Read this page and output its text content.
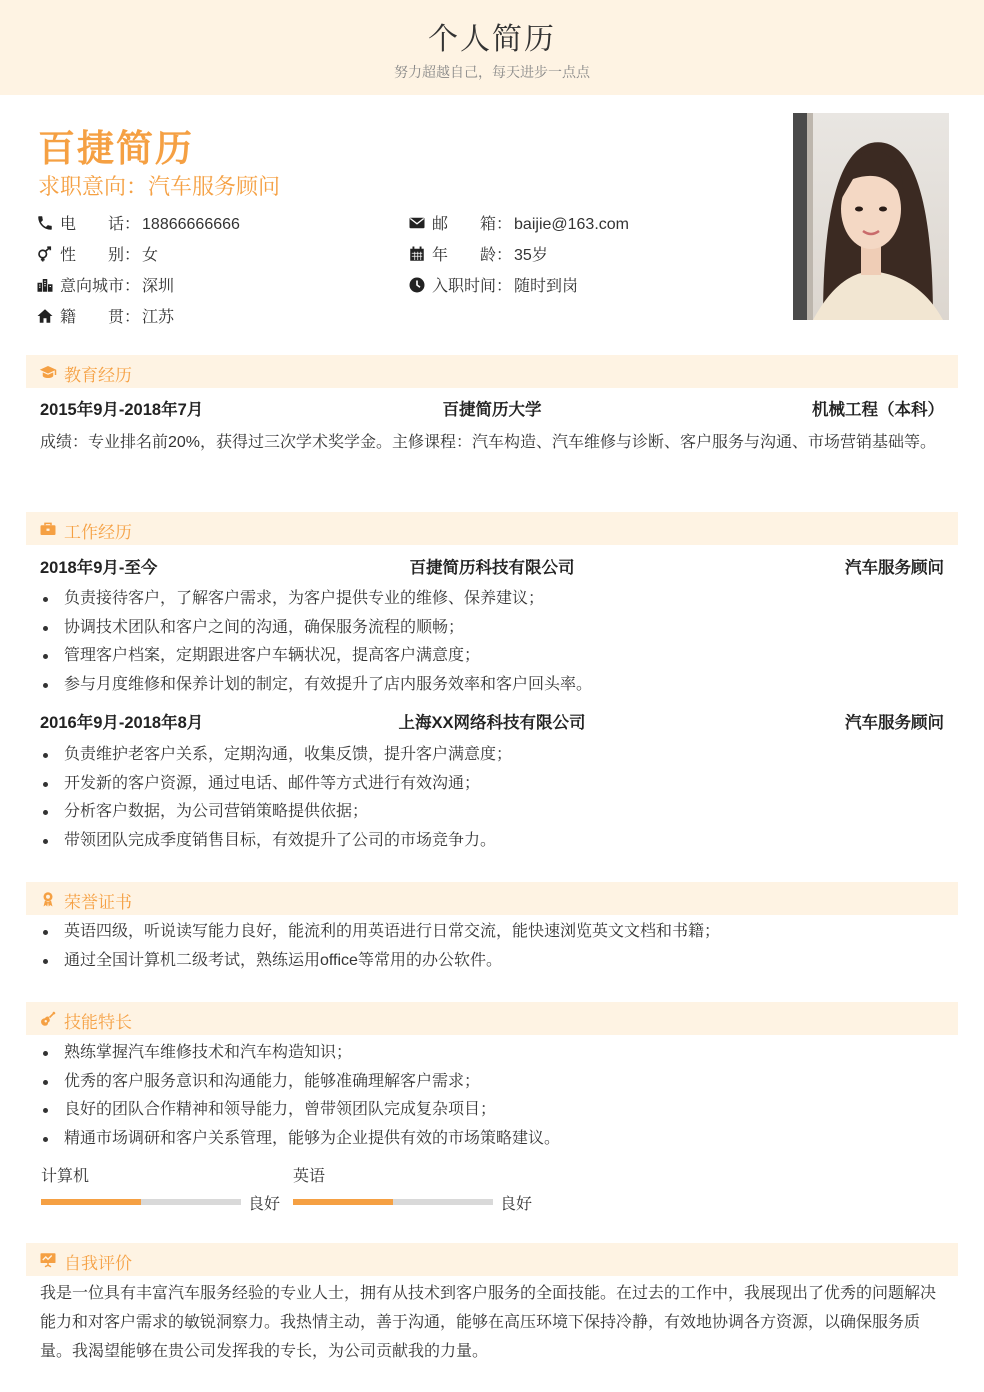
个人简历
努力超越自己，每天进步一点点
百捷简历
求职意向：汽车服务顾问
电　　话： 18866666666	邮　　箱： baijie@163.com
性　　别： 女	年　　龄： 35岁
意向城市： 深圳	入职时间： 随时到岗
籍　　贯： 江苏
教育经历
2015年9月-2018年7月	百捷简历大学	机械工程（本科）
成绩：专业排名前20%，获得过三次学术奖学金。主修课程：汽车构造、汽车维修与诊断、客户服务与沟通、市场营销基础等。
工作经历
2018年9月-至今	百捷简历科技有限公司	汽车服务顾问
负责接待客户，了解客户需求，为客户提供专业的维修、保养建议；
协调技术团队和客户之间的沟通，确保服务流程的顺畅；
管理客户档案，定期跟进客户车辆状况，提高客户满意度；
参与月度维修和保养计划的制定，有效提升了店内服务效率和客户回头率。
2016年9月-2018年8月	上海XX网络科技有限公司	汽车服务顾问
负责维护老客户关系，定期沟通，收集反馈，提升客户满意度；
开发新的客户资源，通过电话、邮件等方式进行有效沟通；
分析客户数据，为公司营销策略提供依据；
带领团队完成季度销售目标，有效提升了公司的市场竞争力。
荣誉证书
英语四级，听说读写能力良好，能流利的用英语进行日常交流，能快速浏览英文文档和书籍；
通过全国计算机二级考试，熟练运用office等常用的办公软件。
技能特长
熟练掌握汽车维修技术和汽车构造知识；
优秀的客户服务意识和沟通能力，能够准确理解客户需求；
良好的团队合作精神和领导能力，曾带领团队完成复杂项目；
精通市场调研和客户关系管理，能够为企业提供有效的市场策略建议。
计算机
良好
英语
良好
自我评价
我是一位具有丰富汽车服务经验的专业人士，拥有从技术到客户服务的全面技能。在过去的工作中，我展现出了优秀的问题解决能力和对客户需求的敏锐洞察力。我热情主动，善于沟通，能够在高压环境下保持冷静，有效地协调各方资源，以确保服务质量。我渴望能够在贵公司发挥我的专长，为公司贡献我的力量。
